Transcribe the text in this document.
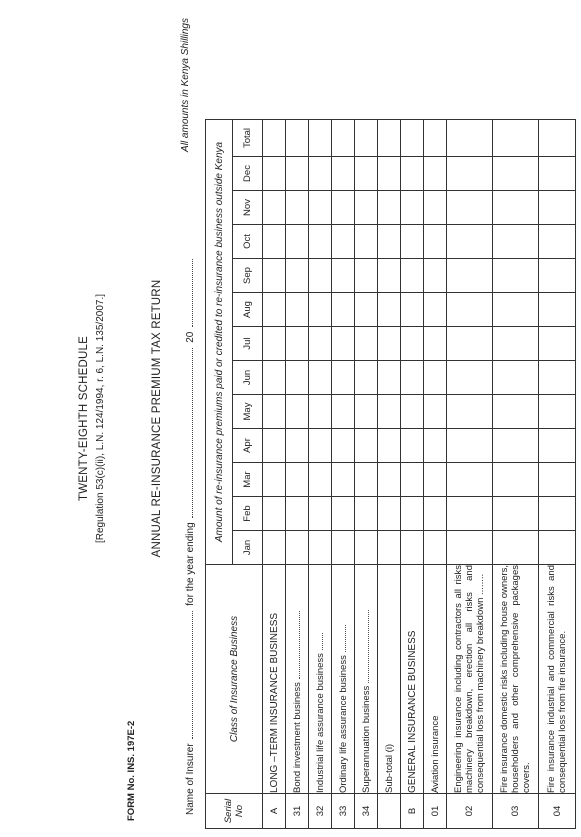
FORM No. INS. 197E-2
TWENTY-EIGHTH SCHEDULE [Regulation 53(c)(ii), L.N. 124/1994, r. 6, L.N. 135/2007.]	ANNUAL RE-INSURANCE PREMIUM TAX RETURN
Name of Insurer  for the year ending  20
All amounts in Kenya Shillings
Serial No	Class of Insurance Business	Amount of re-insurance premiums paid or credited to re-insurance business outside Kenya												
		Jan	Feb	Mar	Apr	May	Jun	Jul	Aug	Sep	Oct	Nov	Dec	Total
A	LONG –TERM INSURANCE BUSINESS													
31	Bond investment business													
32	Industrial life assurance business													
33	Ordinary life assurance business													
34	Superannuation business													
	Sub-total (i)													
B	GENERAL INSURANCE BUSINESS													
01	Aviation insurance													
02	Engineering insurance including contractors all risks machinery breakdown, erection all risks and consequential loss from machinery breakdown ........													
03	Fire insurance domestic risks including house owners, householders and other comprehensive packages covers.													
04	Fire insurance industrial and commercial risks and consequential loss from fire insurance.													
